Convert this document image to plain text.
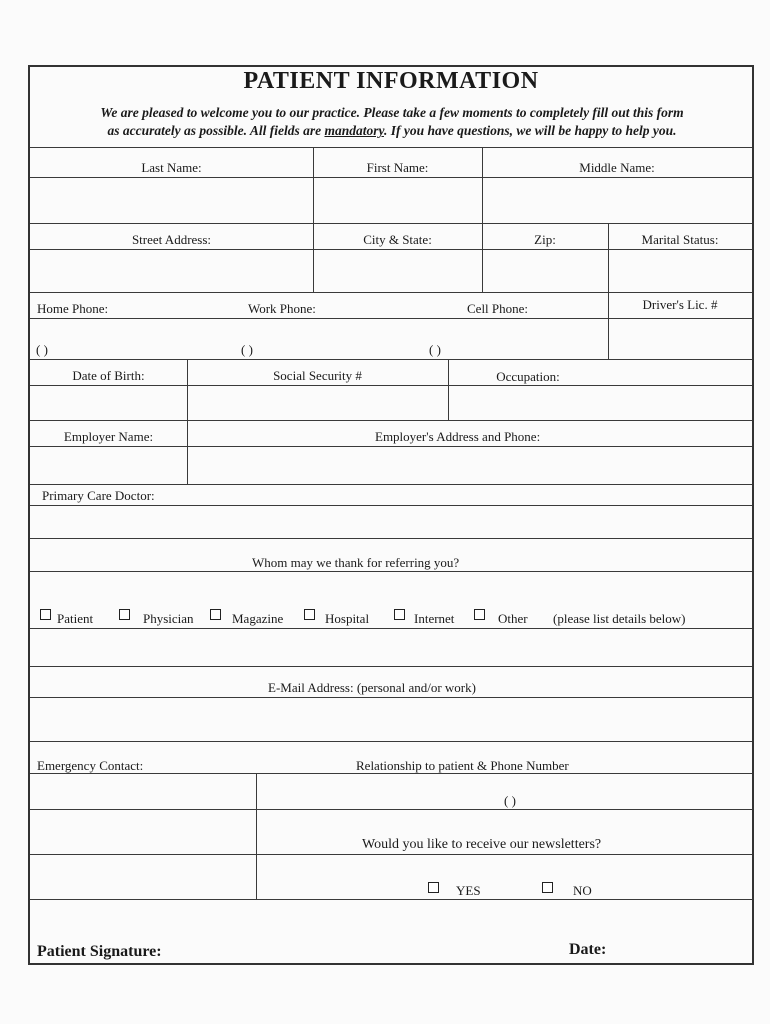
PATIENT INFORMATION
We are pleased to welcome you to our practice. Please take a few moments to completely fill out this form
as accurately as possible. All fields are mandatory. If you have questions, we will be happy to help you.
Last Name:	First Name:	Middle Name:
Street Address:	City & State:	Zip:	Marital Status:
Home Phone:	Work Phone:	Cell Phone:	Driver's Lic. #
( )	( )	( )
Date of Birth:	Social Security #	Occupation:
Employer Name:	Employer's Address and Phone:
Primary Care Doctor:
Whom may we thank for referring you?
Patient	Physician	Magazine	Hospital	Internet	Other (please list details below)
E-Mail Address: (personal and/or work)
Emergency Contact:	Relationship to patient & Phone Number
( )
Would you like to receive our newsletters?
YES	NO
Patient Signature:	Date:
